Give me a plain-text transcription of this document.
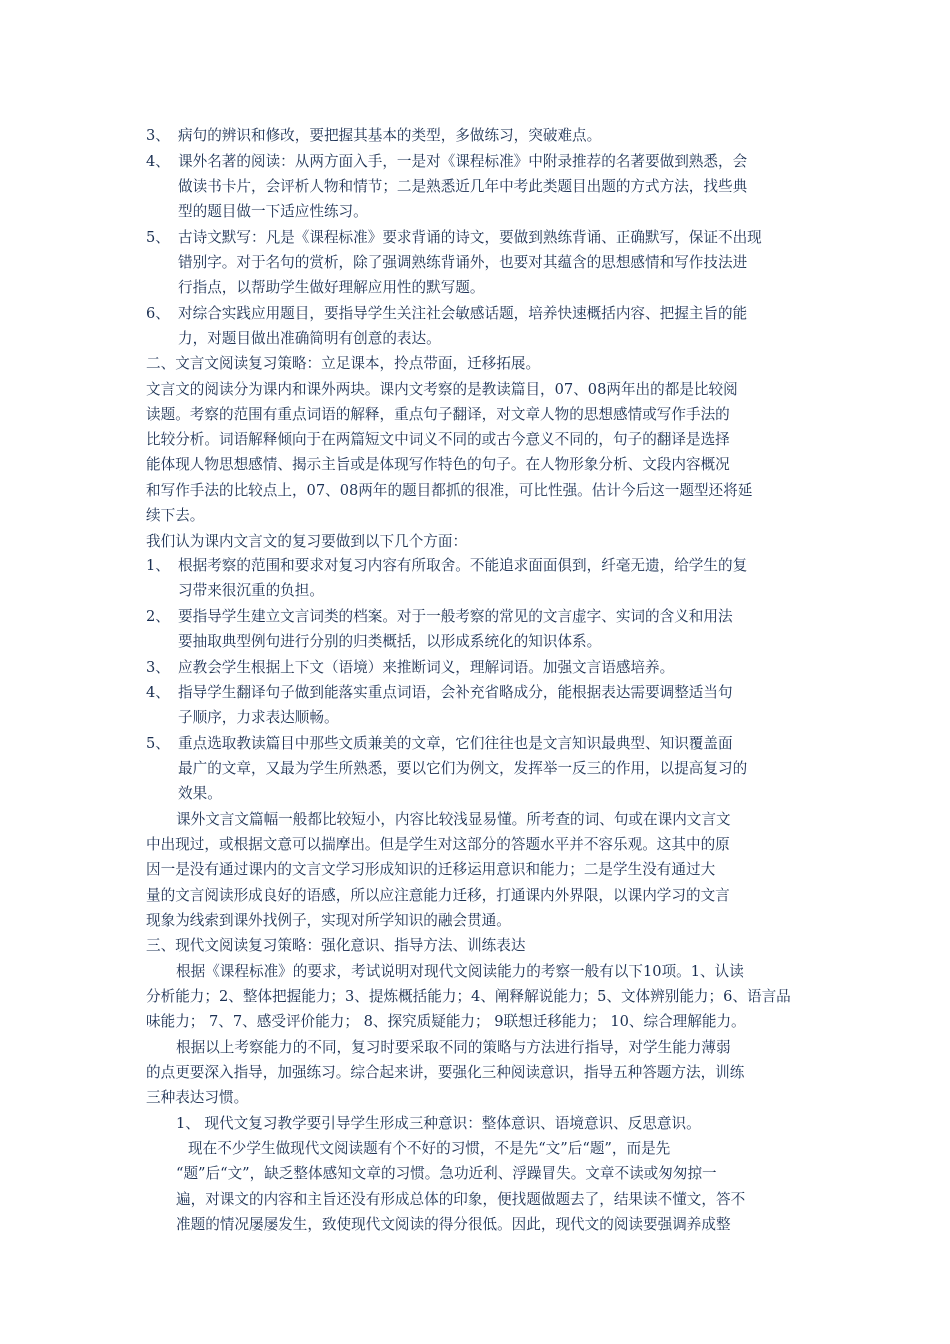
3、 病句的辨识和修改，要把握其基本的类型，多做练习，突破难点。
4、 课外名著的阅读：从两方面入手，一是对《课程标准》中附录推荐的名著要做到熟悉，会
做读书卡片，会评析人物和情节；二是熟悉近几年中考此类题目出题的方式方法，找些典
型的题目做一下适应性练习。
5、 古诗文默写：凡是《课程标准》要求背诵的诗文，要做到熟练背诵、正确默写，保证不出现
错别字。对于名句的赏析，除了强调熟练背诵外，也要对其蕴含的思想感情和写作技法进
行指点，以帮助学生做好理解应用性的默写题。
6、 对综合实践应用题目，要指导学生关注社会敏感话题，培养快速概括内容、把握主旨的能
力，对题目做出准确简明有创意的表达。
二、文言文阅读复习策略：立足课本，拎点带面，迁移拓展。
文言文的阅读分为课内和课外两块。课内文考察的是教读篇目，07、08两年出的都是比较阅
读题。考察的范围有重点词语的解释，重点句子翻译，对文章人物的思想感情或写作手法的
比较分析。词语解释倾向于在两篇短文中词义不同的或古今意义不同的，句子的翻译是选择
能体现人物思想感情、揭示主旨或是体现写作特色的句子。在人物形象分析、文段内容概况
和写作手法的比较点上，07、08两年的题目都抓的很准，可比性强。估计今后这一题型还将延
续下去。
我们认为课内文言文的复习要做到以下几个方面：
1、 根据考察的范围和要求对复习内容有所取舍。不能追求面面俱到，纤毫无遗，给学生的复
习带来很沉重的负担。
2、 要指导学生建立文言词类的档案。对于一般考察的常见的文言虚字、实词的含义和用法
要抽取典型例句进行分别的归类概括，以形成系统化的知识体系。
3、 应教会学生根据上下文（语境）来推断词义，理解词语。加强文言语感培养。
4、 指导学生翻译句子做到能落实重点词语，会补充省略成分，能根据表达需要调整适当句
子顺序，力求表达顺畅。
5、 重点选取教读篇目中那些文质兼美的文章，它们往往也是文言知识最典型、知识覆盖面
最广的文章，又最为学生所熟悉，要以它们为例文，发挥举一反三的作用，以提高复习的
效果。
课外文言文篇幅一般都比较短小，内容比较浅显易懂。所考查的词、句或在课内文言文
中出现过，或根据文意可以揣摩出。但是学生对这部分的答题水平并不容乐观。这其中的原
因一是没有通过课内的文言文学习形成知识的迁移运用意识和能力；二是学生没有通过大
量的文言阅读形成良好的语感，所以应注意能力迁移，打通课内外界限，以课内学习的文言
现象为线索到课外找例子，实现对所学知识的融会贯通。
三、现代文阅读复习策略：强化意识、指导方法、训练表达
根据《课程标准》的要求，考试说明对现代文阅读能力的考察一般有以下10项。1、认读
分析能力；2、整体把握能力；3、提炼概括能力；4、阐释解说能力；5、文体辨别能力；6、语言品
味能力； 7、7、感受评价能力； 8、探究质疑能力； 9联想迁移能力； 10、综合理解能力。
根据以上考察能力的不同，复习时要采取不同的策略与方法进行指导，对学生能力薄弱
的点更要深入指导，加强练习。综合起来讲，要强化三种阅读意识，指导五种答题方法，训练
三种表达习惯。
1、 现代文复习教学要引导学生形成三种意识：整体意识、语境意识、反思意识。
现在不少学生做现代文阅读题有个不好的习惯，不是先“文”后“题”，而是先
“题”后“文”，缺乏整体感知文章的习惯。急功近利、浮躁冒失。文章不读或匆匆掠一
遍，对课文的内容和主旨还没有形成总体的印象，便找题做题去了，结果读不懂文，答不
准题的情况屡屡发生，致使现代文阅读的得分很低。因此，现代文的阅读要强调养成整
